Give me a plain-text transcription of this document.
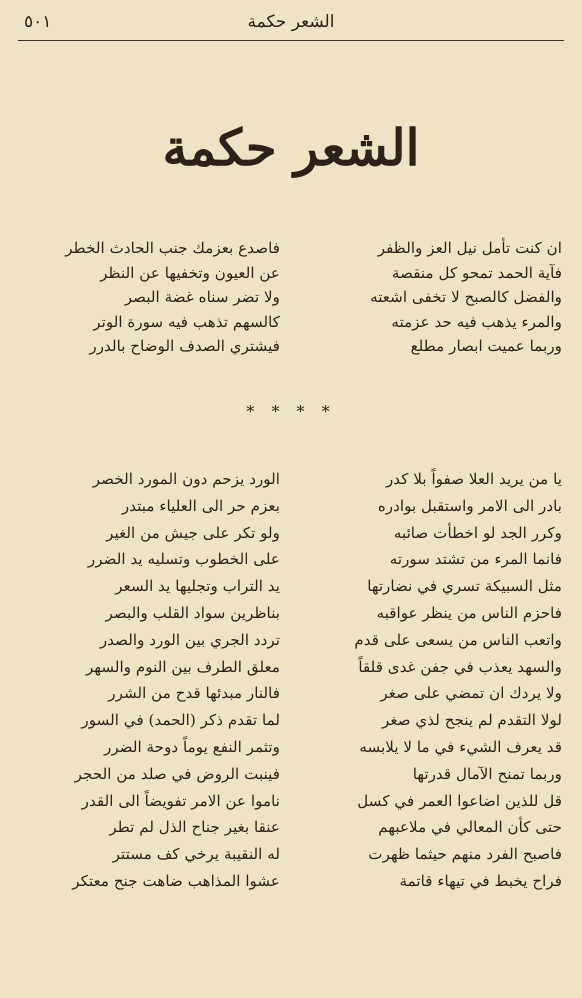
الشعر حكمة
٥٠١
الشعر حكمة
ان كنت تأمل نيل العز والظفر
فآية الحمد تمحو كل منقصة
والفضل كالصبح لا تخفى اشعته
والمرء يذهب فيه حد عزمته
وربما عميت ابصار مطلع
فاصدع بعزمك جنب الحادث الخطر
عن العيون وتخفيها عن النظر
ولا تضر سناه غضة البصر
كالسهم تذهب فيه سورة الوتر
فيشتري الصدف الوضاح بالدرر
* * * *
يا من يريد العلا صفواً بلا كدر
بادر الى الامر واستقبل بوادره
وكرر الجد لو اخطأت صائبه
فانما المرء من تشتد سورته
مثل السبيكة تسري في نضارتها
فاحزم الناس من ينظر عواقبه
واتعب الناس من يسعى على قدم
والسهد يعذب في جفن غدى قلقاً
ولا يردك ان تمضي على صغر
لولا التقدم لم ينجح لذي صغر
قد يعرف الشيء في ما لا يلابسه
وربما تمنح الآمال قدرتها
قل للذين اضاعوا العمر في كسل
حتى كأن المعالي في ملاعبهم
فاصبح الفرد منهم حيثما ظهرت
فراح يخبط في تيهاء قاتمة
الورد يزحم دون المورد الخصر
بعزم حر الى العلياء مبتدر
ولو تكر على جيش من الغير
على الخطوب وتسليه يد الضرر
يد التراب وتجليها يد السعر
بناظرين سواد القلب والبصر
تردد الجري بين الورد والصدر
معلق الطرف بين النوم والسهر
فالنار مبدئها قدح من الشرر
لما تقدم ذكر (الحمد) في السور
وتثمر النفع يوماً دوحة الضرر
فينبت الروض في صلد من الحجر
ناموا عن الامر تفويضاً الى القدر
عنقا بغير جناح الذل لم تطر
له النقيبة يرخي كف مستتر
عشوا المذاهب ضاهت جنح معتكر
